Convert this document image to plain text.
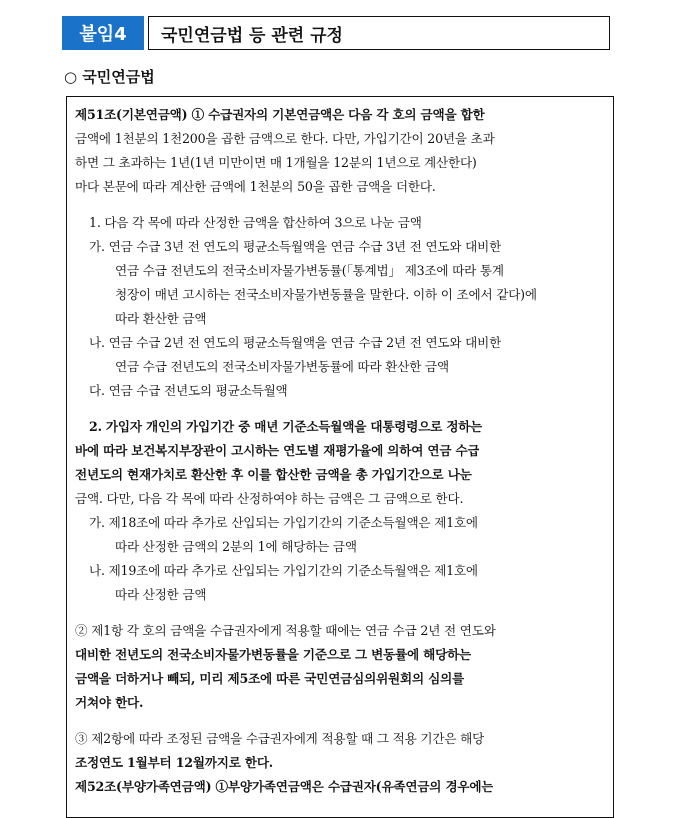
붙임4	국민연금법 등 관련 규정
○ 국민연금법
제51조(기본연금액) ① 수급권자의 기본연금액은 다음 각 호의 금액을 합한
금액에 1천분의 1천200을 곱한 금액으로 한다. 다만, 가입기간이 20년을 초과
하면 그 초과하는 1년(1년 미만이면 매 1개월을 12분의 1년으로 계산한다)
마다 본문에 따라 계산한 금액에 1천분의 50을 곱한 금액을 더한다.
1. 다음 각 목에 따라 산정한 금액을 합산하여 3으로 나눈 금액
가. 연금 수급 3년 전 연도의 평균소득월액을 연금 수급 3년 전 연도와 대비한
연금 수급 전년도의 전국소비자물가변동률(「통계법」 제3조에 따라 통계
청장이 매년 고시하는 전국소비자물가변동률을 말한다. 이하 이 조에서 같다)에
따라 환산한 금액
나. 연금 수급 2년 전 연도의 평균소득월액을 연금 수급 2년 전 연도와 대비한
연금 수급 전년도의 전국소비자물가변동률에 따라 환산한 금액
다. 연금 수급 전년도의 평균소득월액
2. 가입자 개인의 가입기간 중 매년 기준소득월액을 대통령령으로 정하는
바에 따라 보건복지부장관이 고시하는 연도별 재평가율에 의하여 연금 수급
전년도의 현재가치로 환산한 후 이를 합산한 금액을 총 가입기간으로 나눈
금액. 다만, 다음 각 목에 따라 산정하여야 하는 금액은 그 금액으로 한다.
가. 제18조에 따라 추가로 산입되는 가입기간의 기준소득월액은 제1호에
따라 산정한 금액의 2분의 1에 해당하는 금액
나. 제19조에 따라 추가로 산입되는 가입기간의 기준소득월액은 제1호에
따라 산정한 금액
② 제1항 각 호의 금액을 수급권자에게 적용할 때에는 연금 수급 2년 전 연도와
대비한 전년도의 전국소비자물가변동률을 기준으로 그 변동률에 해당하는
금액을 더하거나 빼되, 미리 제5조에 따른 국민연금심의위원회의 심의를
거쳐야 한다.
③ 제2항에 따라 조정된 금액을 수급권자에게 적용할 때 그 적용 기간은 해당
조정연도 1월부터 12월까지로 한다.
제52조(부양가족연금액) ①부양가족연금액은 수급권자(유족연금의 경우에는
